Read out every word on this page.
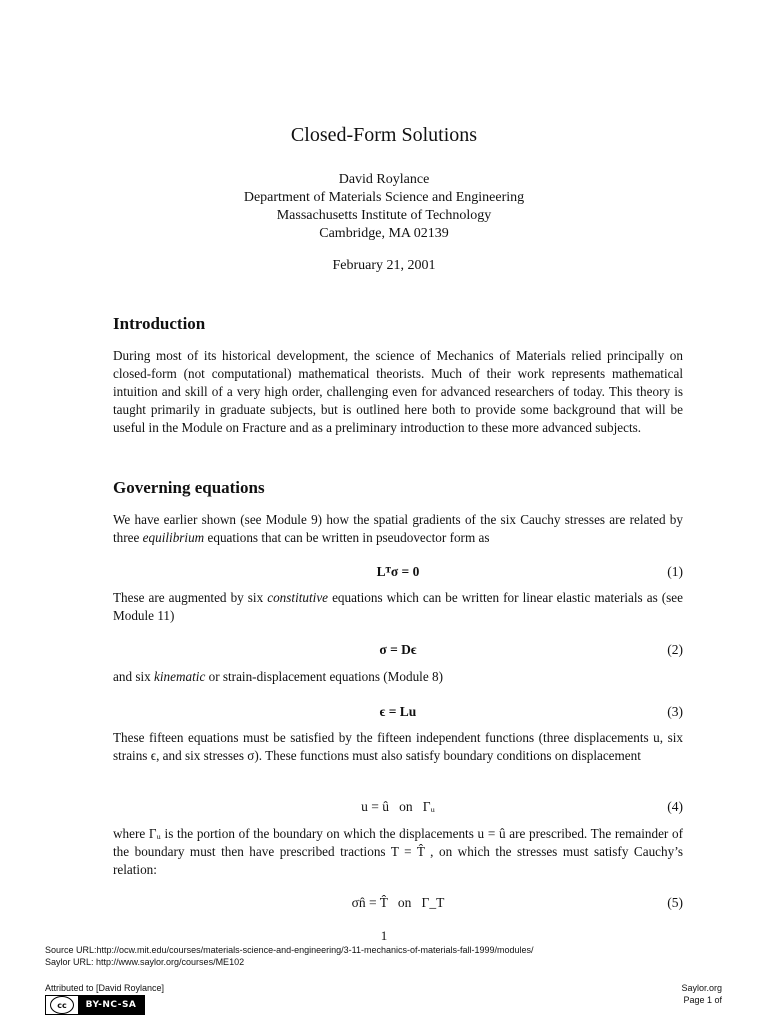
Closed-Form Solutions
David Roylance
Department of Materials Science and Engineering
Massachusetts Institute of Technology
Cambridge, MA 02139
February 21, 2001
Introduction

During most of its historical development, the science of Mechanics of Materials relied principally on closed-form (not computational) mathematical theorists. Much of their work represents mathematical intuition and skill of a very high order, challenging even for advanced researchers of today. This theory is taught primarily in graduate subjects, but is outlined here both to provide some background that will be useful in the Module on Fracture and as a preliminary introduction to these more advanced subjects.

Governing equations

We have earlier shown (see Module 9) how the spatial gradients of the six Cauchy stresses are related by three equilibrium equations that can be written in pseudovector form as

Lᵀσ = 0	(1)

These are augmented by six constitutive equations which can be written for linear elastic materials as (see Module 11)

σ = Dϵ	(2)

and six kinematic or strain-displacement equations (Module 8)

ϵ = Lu	(3)

These fifteen equations must be satisfied by the fifteen independent functions (three displacements u, six strains ϵ, and six stresses σ). These functions must also satisfy boundary conditions on displacement

u = û   on   Γᵤ	(4)

where Γᵤ is the portion of the boundary on which the displacements u = û are prescribed. The remainder of the boundary must then have prescribed tractions T = T̂ , on which the stresses must satisfy Cauchy’s relation:

σn̂ = T̂   on   Γ_T	(5)
1
Source URL:http://ocw.mit.edu/courses/materials-science-and-engineering/3-11-mechanics-of-materials-fall-1999/modules/
Saylor URL: http://www.saylor.org/courses/ME102
Attributed to [David Roylance]
cc	BY-NC-SA
Saylor.org
Page 1 of
